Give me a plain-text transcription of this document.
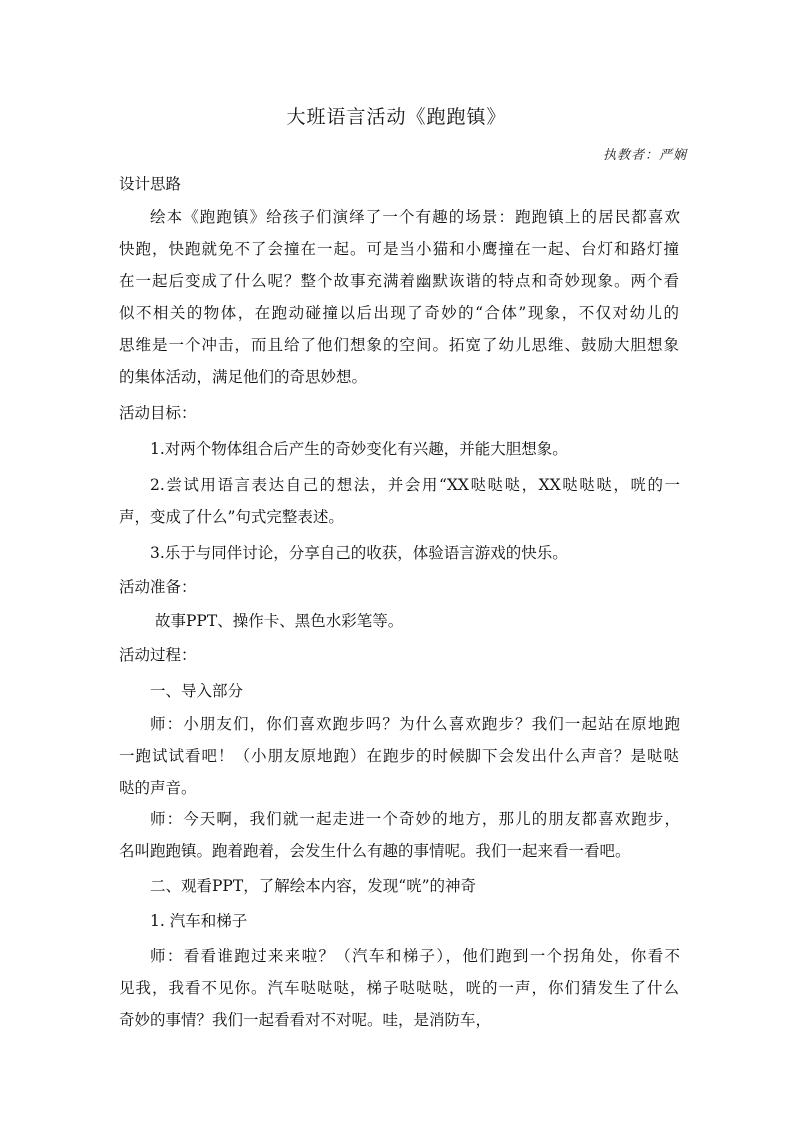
大班语言活动《跑跑镇》
执教者：严娴
设计思路
绘本《跑跑镇》给孩子们演绎了一个有趣的场景：跑跑镇上的居民都喜欢
快跑，快跑就免不了会撞在一起。可是当小猫和小鹰撞在一起、台灯和路灯撞
在一起后变成了什么呢？整个故事充满着幽默诙谐的特点和奇妙现象。两个看
似不相关的物体，在跑动碰撞以后出现了奇妙的“合体”现象，不仅对幼儿的
思维是一个冲击，而且给了他们想象的空间。拓宽了幼儿思维、鼓励大胆想象
的集体活动，满足他们的奇思妙想。
活动目标：
1.对两个物体组合后产生的奇妙变化有兴趣，并能大胆想象。
2.尝试用语言表达自己的想法，并会用“XX哒哒哒，XX哒哒哒，咣的一
声，变成了什么”句式完整表述。
3.乐于与同伴讨论，分享自己的收获，体验语言游戏的快乐。
活动准备：
故事PPT、操作卡、黑色水彩笔等。
活动过程：
一、导入部分
师：小朋友们，你们喜欢跑步吗？为什么喜欢跑步？我们一起站在原地跑
一跑试试看吧！（小朋友原地跑）在跑步的时候脚下会发出什么声音？是哒哒
哒的声音。
师：今天啊，我们就一起走进一个奇妙的地方，那儿的朋友都喜欢跑步，
名叫跑跑镇。跑着跑着，会发生什么有趣的事情呢。我们一起来看一看吧。
二、观看PPT，了解绘本内容，发现“咣”的神奇
1. 汽车和梯子
师：看看谁跑过来来啦？（汽车和梯子），他们跑到一个拐角处，你看不
见我，我看不见你。汽车哒哒哒，梯子哒哒哒，咣的一声，你们猜发生了什么
奇妙的事情？我们一起看看对不对呢。哇，是消防车，
